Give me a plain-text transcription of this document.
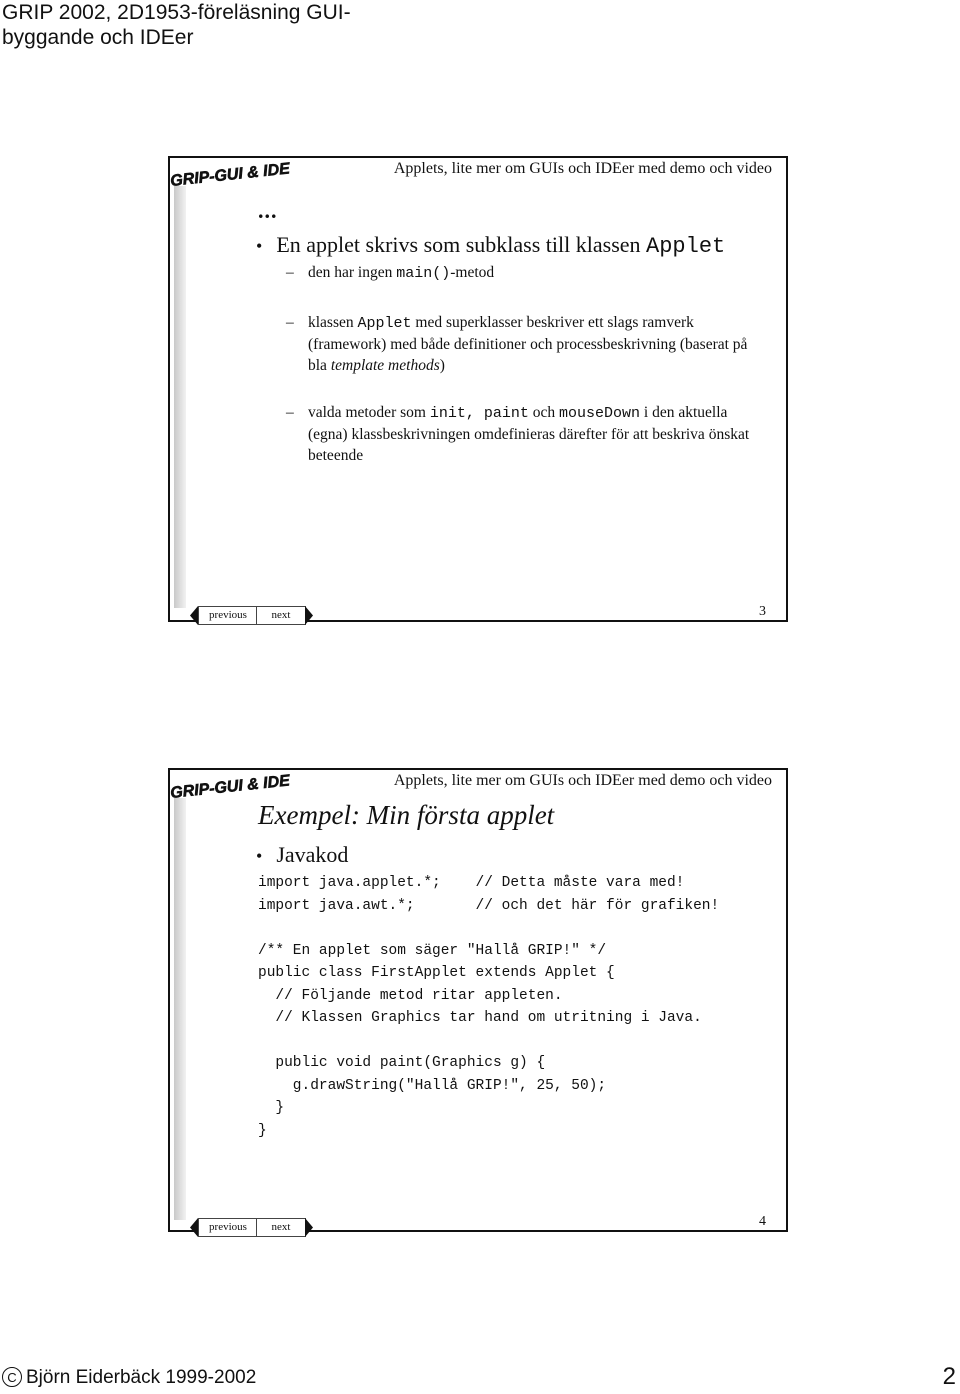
GRIP 2002, 2D1953-föreläsning GUI-
byggande och IDEer
GRIP-GUI & IDE	Applets, lite mer om GUIs och IDEer med demo och video
...
• En applet skrivs som subklass till klassen Applet
– den har ingen main()-metod
– klassen Applet med superklasser beskriver ett slags ramverk (framework) med både definitioner och processbeskrivning (baserat på bla template methods)
– valda metoder som init, paint och mouseDown i den aktuella (egna) klassbeskrivningen omdefinieras därefter för att beskriva önskat beteende
previous	next	3
GRIP-GUI & IDE	Applets, lite mer om GUIs och IDEer med demo och video
Exempel: Min första applet
• Javakod
import java.applet.*;    // Detta måste vara med!
import java.awt.*;       // och det här för grafiken!

/** En applet som säger "Hallå GRIP!" */
public class FirstApplet extends Applet {
// Följande metod ritar appleten.
// Klassen Graphics tar hand om utritning i Java.

public void paint(Graphics g) {
g.drawString("Hallå GRIP!", 25, 50);
}
}
previous	next	4
C Björn Eiderbäck 1999-2002	2
